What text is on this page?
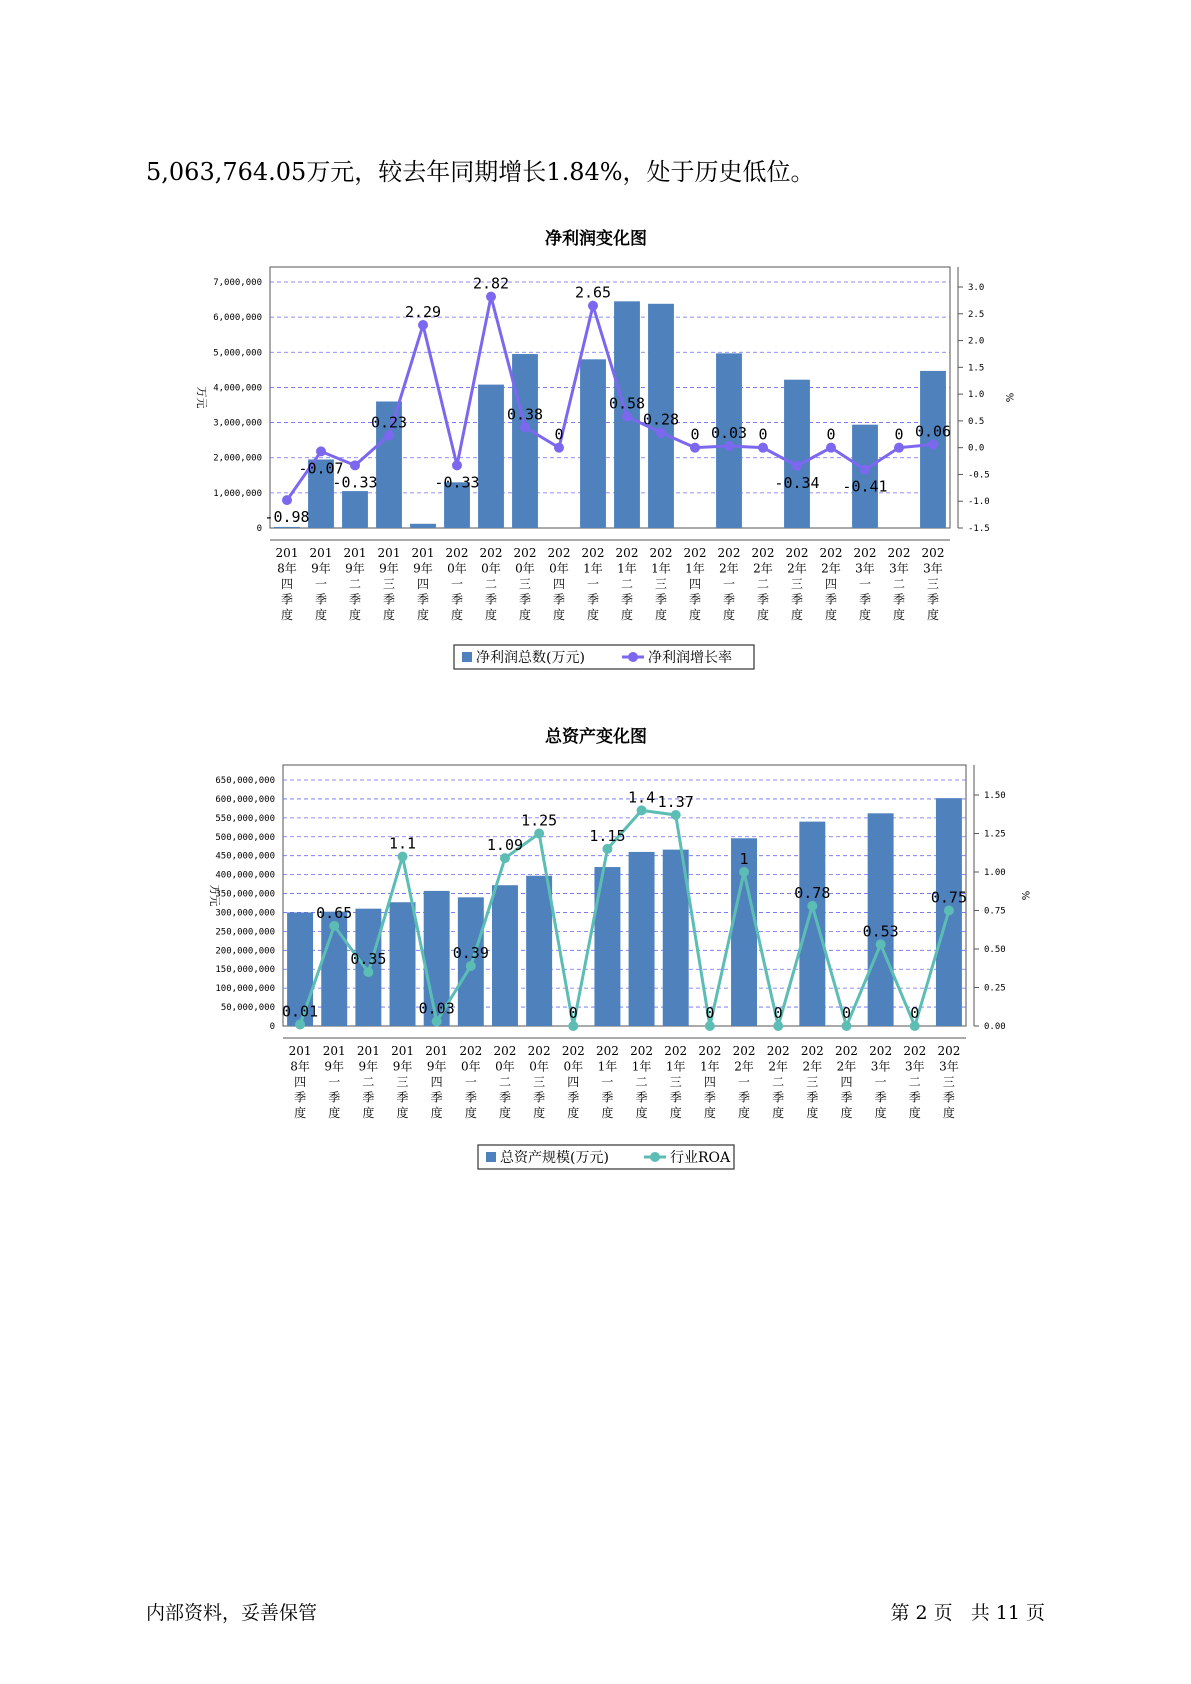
5,063,764.05万元，较去年同期增长1.84%，处于历史低位。
净利润变化图
0
1,000,000
2,000,000
3,000,000
4,000,000
5,000,000
6,000,000
7,000,000
-1.5
-1.0
-0.5
0.0
0.5
1.0
1.5
2.0
2.5
3.0
万元	%
201
8年
四
季
度
201
9年
一
季
度
201
9年
二
季
度
201
9年
三
季
度
201
9年
四
季
度
202
0年
一
季
度
202
0年
二
季
度
202
0年
三
季
度
202
0年
四
季
度
202
1年
一
季
度
202
1年
二
季
度
202
1年
三
季
度
202
1年
四
季
度
202
2年
一
季
度
202
2年
二
季
度
202
2年
三
季
度
202
2年
四
季
度
202
3年
一
季
度
202
3年
二
季
度
202
3年
三
季
度
-0.98
-0.07
-0.33
0.23
2.29
-0.33
2.82
0.38
0
2.65
0.58
0.28
0 0.03 0
-0.34
0
-0.41
0 0.06
净利润总数(万元)	净利润增长率
总资产变化图
0
50,000,000
100,000,000
150,000,000
200,000,000
250,000,000
300,000,000
350,000,000
400,000,000
450,000,000
500,000,000
550,000,000
600,000,000
650,000,000
0.00
0.25
0.50
0.75
1.00
1.25
1.50
万元	%
201
8年
四
季
度
201
9年
一
季
度
201
9年
二
季
度
201
9年
三
季
度
201
9年
四
季
度
202
0年
一
季
度
202
0年
二
季
度
202
0年
三
季
度
202
0年
四
季
度
202
1年
一
季
度
202
1年
二
季
度
202
1年
三
季
度
202
1年
四
季
度
202
2年
一
季
度
202
2年
二
季
度
202
2年
三
季
度
202
2年
四
季
度
202
3年
一
季
度
202
3年
二
季
度
202
3年
三
季
度
0.01
0.65
0.35
1.1
0.03
0.39
1.09
1.25
0
1.15
1.4 1.37
0
1
0
0.78
0
0.53
0
0.75
总资产规模(万元)	行业ROA
内部资料，妥善保管	第 2 页   共 11 页
